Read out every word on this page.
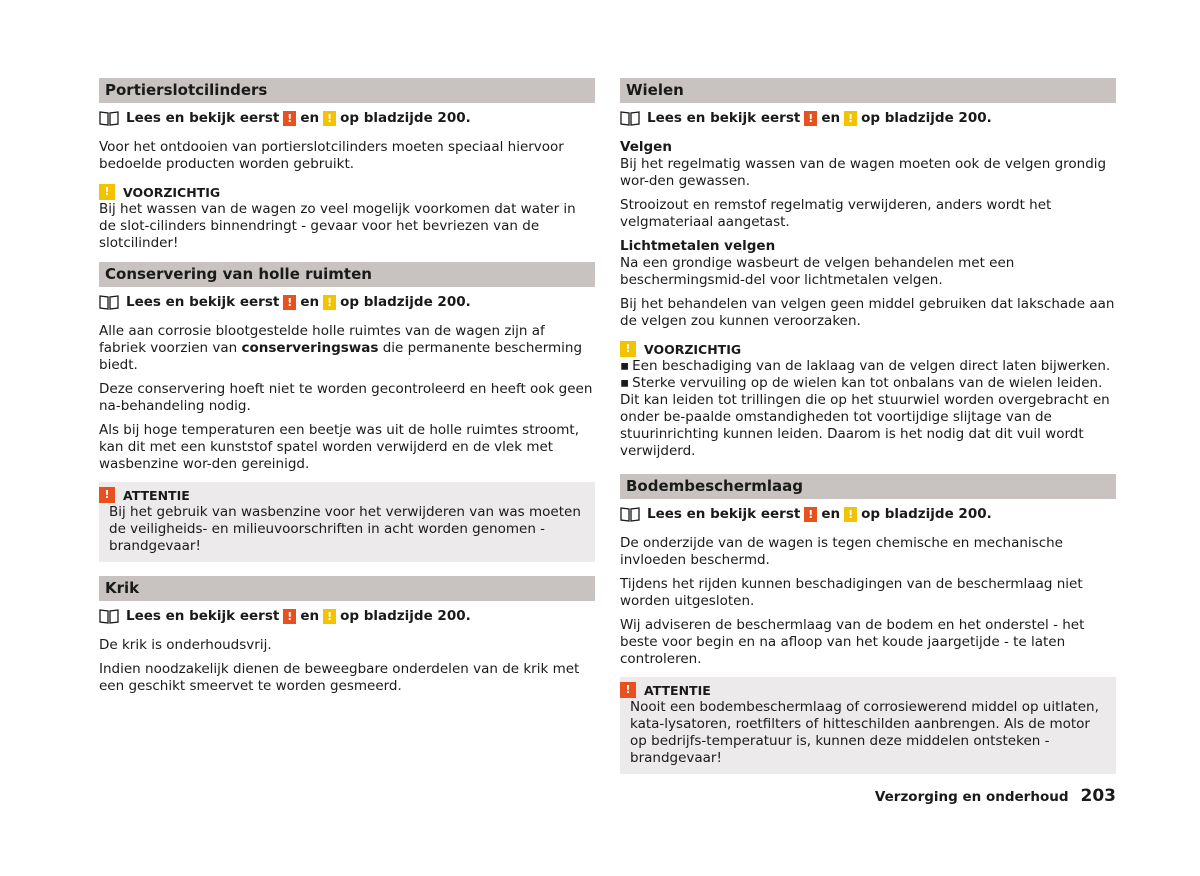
Portierslotcilinders
Lees en bekijk eerst ! en ! op bladzijde 200.

Voor het ontdooien van portierslotcilinders moeten speciaal hiervoor bedoelde producten worden gebruikt.

!	VOORZICHTIG

Bij het wassen van de wagen zo veel mogelijk voorkomen dat water in de slot-cilinders binnendringt - gevaar voor het bevriezen van de slotcilinder!

Conservering van holle ruimten
Lees en bekijk eerst ! en ! op bladzijde 200.

Alle aan corrosie blootgestelde holle ruimtes van de wagen zijn af fabriek voorzien van conserveringswas die permanente bescherming biedt.

Deze conservering hoeft niet te worden gecontroleerd en heeft ook geen na-behandeling nodig.

Als bij hoge temperaturen een beetje was uit de holle ruimtes stroomt, kan dit met een kunststof spatel worden verwijderd en de vlek met wasbenzine wor-den gereinigd.

!	ATTENTIE

Bij het gebruik van wasbenzine voor het verwijderen van was moeten de veiligheids- en milieuvoorschriften in acht worden genomen - brandgevaar!

Krik
Lees en bekijk eerst ! en ! op bladzijde 200.

De krik is onderhoudsvrij.

Indien noodzakelijk dienen de beweegbare onderdelen van de krik met een geschikt smeervet te worden gesmeerd.

Wielen
Lees en bekijk eerst ! en ! op bladzijde 200.
Velgen

Bij het regelmatig wassen van de wagen moeten ook de velgen grondig wor-den gewassen.

Strooizout en remstof regelmatig verwijderen, anders wordt het velgmateriaal aangetast.

Lichtmetalen velgen

Na een grondige wasbeurt de velgen behandelen met een beschermingsmid-del voor lichtmetalen velgen.

Bij het behandelen van velgen geen middel gebruiken dat lakschade aan de velgen zou kunnen veroorzaken.

!	VOORZICHTIG
▪ Een beschadiging van de laklaag van de velgen direct laten bijwerken.
▪ Sterke vervuiling op de wielen kan tot onbalans van de wielen leiden. Dit kan leiden tot trillingen die op het stuurwiel worden overgebracht en onder be-paalde omstandigheden tot voortijdige slijtage van de stuurinrichting kunnen leiden. Daarom is het nodig dat dit vuil wordt verwijderd.
Bodembeschermlaag
Lees en bekijk eerst ! en ! op bladzijde 200.

De onderzijde van de wagen is tegen chemische en mechanische invloeden beschermd.

Tijdens het rijden kunnen beschadigingen van de beschermlaag niet worden uitgesloten.

Wij adviseren de beschermlaag van de bodem en het onderstel - het beste voor begin en na afloop van het koude jaargetijde - te laten controleren.

!	ATTENTIE

Nooit een bodembeschermlaag of corrosiewerend middel op uitlaten, kata-lysatoren, roetfilters of hitteschilden aanbrengen. Als de motor op bedrijfs-temperatuur is, kunnen deze middelen ontsteken - brandgevaar!

Verzorging en onderhoud 203
